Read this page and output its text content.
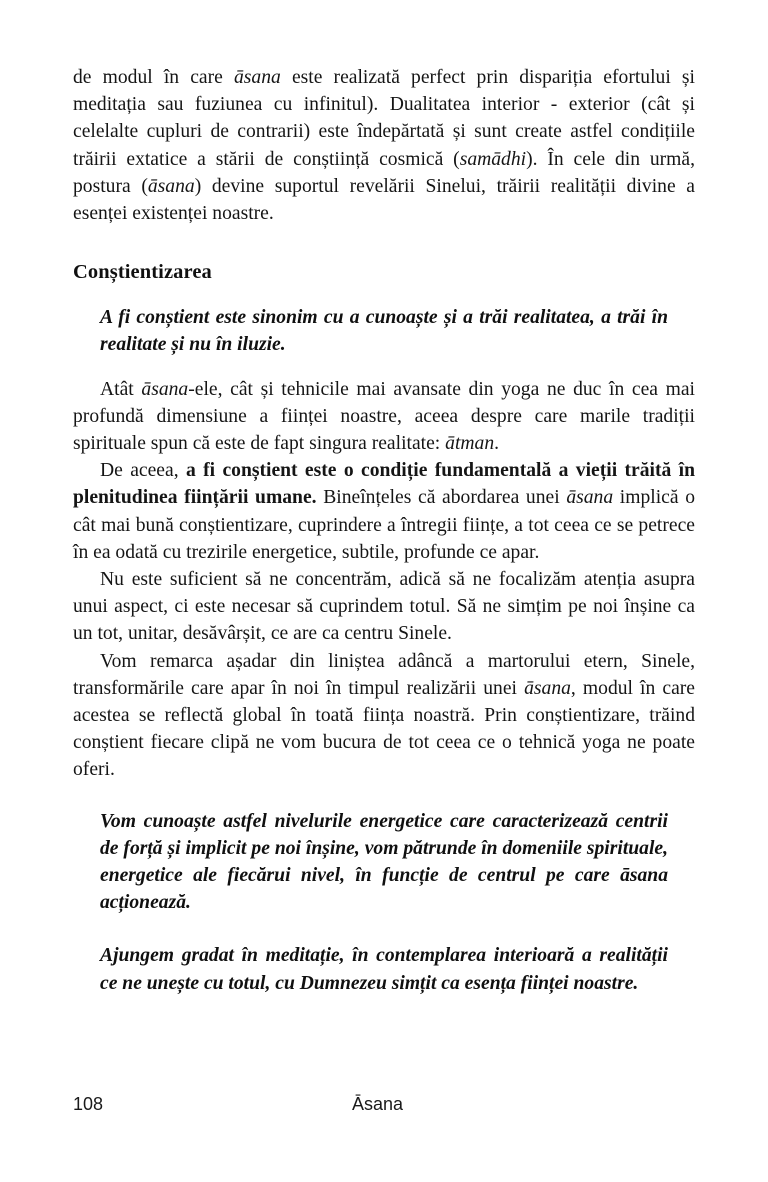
de modul în care āsana este realizată perfect prin dispariția efortului și meditația sau fuziunea cu infinitul). Dualitatea interior - exterior (cât și celelalte cupluri de contrarii) este îndepărtată și sunt create astfel condițiile trăirii extatice a stării de conștiință cosmică (samādhi). În cele din urmă, postura (āsana) devine suportul revelării Sinelui, trăirii realității divine a esenței existenței noastre.

Conștientizarea

A fi conștient este sinonim cu a cunoaște și a trăi realitatea, a trăi în realitate și nu în iluzie.

Atât āsana-ele, cât și tehnicile mai avansate din yoga ne duc în cea mai profundă dimensiune a ființei noastre, aceea despre care marile tradiții spirituale spun că este de fapt singura realitate: ātman.

De aceea, a fi conștient este o condiție fundamentală a vieții trăită în plenitudinea ființării umane. Bineînțeles că abordarea unei āsana implică o cât mai bună conștientizare, cuprindere a întregii ființe, a tot ceea ce se petrece în ea odată cu trezirile energetice, subtile, profunde ce apar.

Nu este suficient să ne concentrăm, adică să ne focalizăm atenția asupra unui aspect, ci este necesar să cuprindem totul. Să ne simțim pe noi înșine ca un tot, unitar, desăvârșit, ce are ca centru Sinele.

Vom remarca așadar din liniștea adâncă a martorului etern, Sinele, transformările care apar în noi în timpul realizării unei āsana, modul în care acestea se reflectă global în toată ființa noastră. Prin conștientizare, trăind conștient fiecare clipă ne vom bucura de tot ceea ce o tehnică yoga ne poate oferi.

Vom cunoaște astfel nivelurile energetice care caracterizează centrii de forță și implicit pe noi înșine, vom pătrunde în domeniile spirituale, energetice ale fiecărui nivel, în funcție de centrul pe care āsana acționează.

Ajungem gradat în meditație, în contemplarea interioară a realității ce ne unește cu totul, cu Dumnezeu simțit ca esența ființei noastre.

108	Āsana
